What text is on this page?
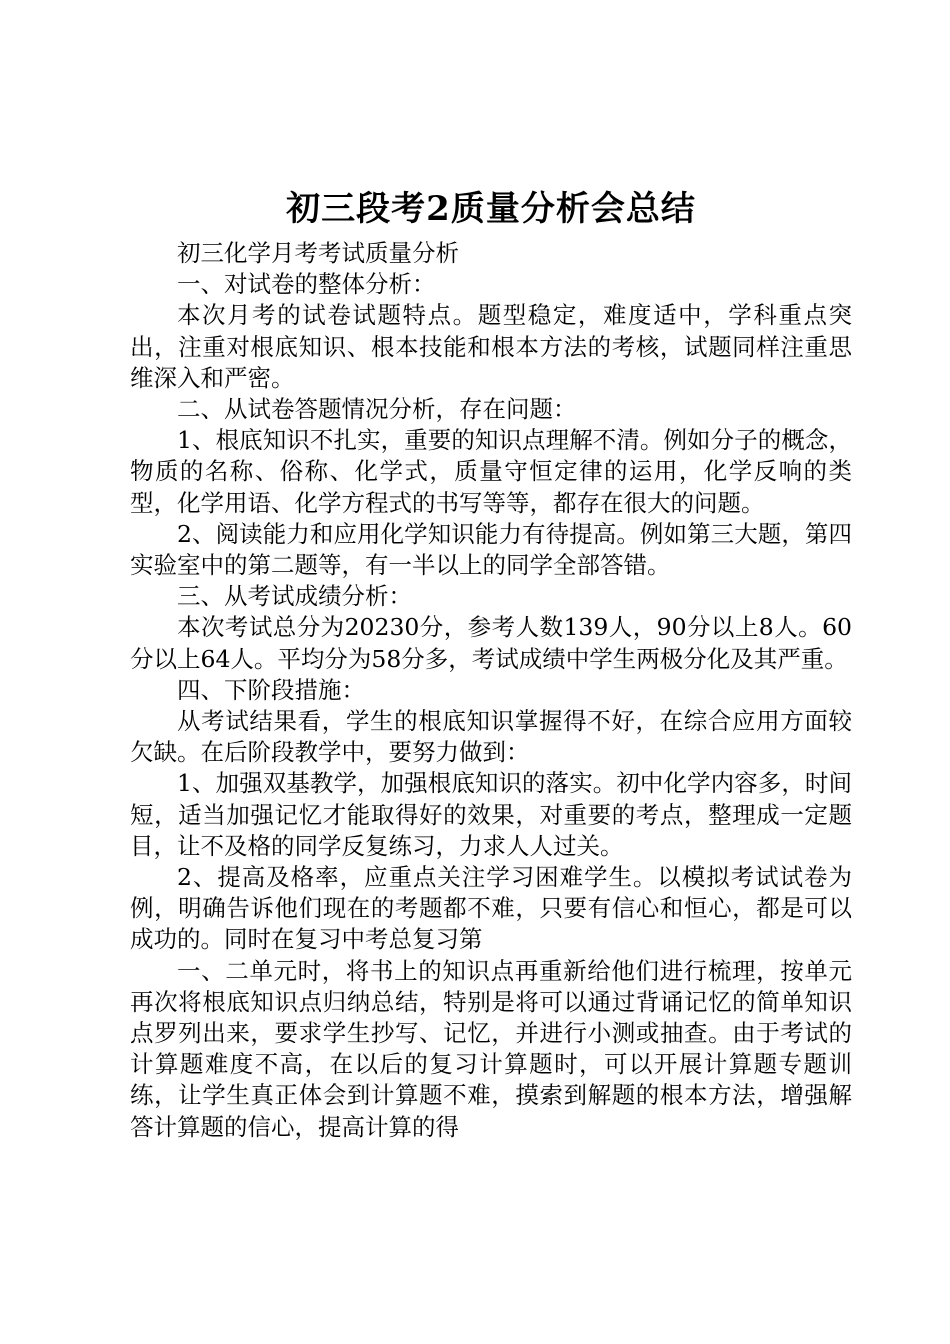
初三段考2质量分析会总结

初三化学月考考试质量分析

一、对试卷的整体分析：

本次月考的试卷试题特点。题型稳定，难度适中，学科重点突出，注重对根底知识、根本技能和根本方法的考核，试题同样注重思维深入和严密。

二、从试卷答题情况分析，存在问题：

1、根底知识不扎实，重要的知识点理解不清。例如分子的概念，物质的名称、俗称、化学式，质量守恒定律的运用，化学反响的类型，化学用语、化学方程式的书写等等，都存在很大的问题。

2、阅读能力和应用化学知识能力有待提高。例如第三大题，第四实验室中的第二题等，有一半以上的同学全部答错。

三、从考试成绩分析：

本次考试总分为20230分，参考人数139人，90分以上8人。60分以上64人。平均分为58分多，考试成绩中学生两极分化及其严重。

四、下阶段措施：

从考试结果看，学生的根底知识掌握得不好，在综合应用方面较欠缺。在后阶段教学中，要努力做到：

1、加强双基教学，加强根底知识的落实。初中化学内容多，时间短，适当加强记忆才能取得好的效果，对重要的考点，整理成一定题目，让不及格的同学反复练习，力求人人过关。

2、提高及格率，应重点关注学习困难学生。以模拟考试试卷为例，明确告诉他们现在的考题都不难，只要有信心和恒心，都是可以成功的。同时在复习中考总复习第

一、二单元时，将书上的知识点再重新给他们进行梳理，按单元再次将根底知识点归纳总结，特别是将可以通过背诵记忆的简单知识点罗列出来，要求学生抄写、记忆，并进行小测或抽查。由于考试的计算题难度不高，在以后的复习计算题时，可以开展计算题专题训练，让学生真正体会到计算题不难，摸索到解题的根本方法，增强解答计算题的信心，提高计算的得
